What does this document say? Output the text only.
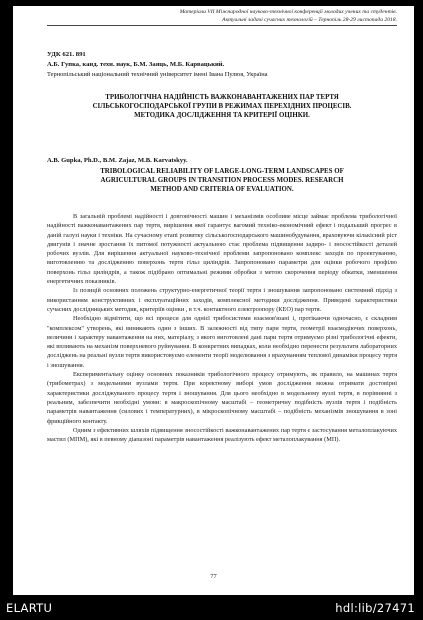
Матеріали VII Міжнародної науково-технічної конференції молодих учених та студентів.
Актуальні задачі сучасних технологій – Тернопіль 28-29 листопада 2018.
УДК 621. 891
А.Б. Гупка, канд. техн. наук, Б.М. Заяць, М.Б. Карвацький.
Тернопільський національний технічний університет імені Івана Пулюя, Україна
ТРИБОЛОГІЧНА НАДІЙНІСТЬ ВАЖКОНАВАНТАЖЕНИХ ПАР ТЕРТЯ
СІЛЬСЬКОГОСПОДАРСЬКОЇ ГРУПИ В РЕЖИМАХ ПЕРЕХІДНИХ ПРОЦЕСІВ.
МЕТОДИКА ДОСЛІДЖЕННЯ ТА КРИТЕРІЇ ОЦІНКИ.
A.B. Gupka, Ph.D., B.M. Zajaz, M.B. Karvatskyy.
TRIBOLOGICAL RELIABILITY OF LARGE-LONG-TERM LANDSCAPES OF
AGRICULTURAL GROUPS IN TRANSITION PROCESS MODES. RESEARCH
METHOD AND CRITERIA OF EVALUATION.

В загальній проблемі надійності і довговічності машин і механізмів особливе місце займає проблема трибологічної надійності важконавантажених пар тертя, вирішення якої гарантує вагомий техніко-економічний ефект і подальший прогрес в даній галузі науки і техніки. На сучасному етапі розвитку сільськогосподарського машинобудування, враховуючи кількісний ріст двигунів і значне зростання їх питомої потужності актуальною стає проблема підвищення задиро- і зносостійкості деталей робочих вузлів. Для вирішення актуальної науково-технічної проблеми запропоновано комплекс заходів по проектуванню, виготовленню та дослідженню поверхонь тертя гільз циліндрів. Запропоновано параметри для оцінки робочого профілю поверхонь гільз циліндрів, а також підібрано оптимальні режими обробки з метою скорочення періоду обкатки, зменшення енергетичних показників.

Із позицій основних положень структурно-енергетичної теорії тертя і зношування запропоновано системний підхід з використанням конструктивних і експлуатаційних заходів, комплексної методики дослідження. Приведені характеристики сучасних дослідницьких методик, критеріїв оцінки , в т.ч. контактного електроопору (КЕО) пар тертя.

Необхідно відмітити, що всі процеси для однієї трибосистеми взаємов'язані і, протікаючи одночасно, є складним "комплексом" утворень, які виникають один з інших. В залежності від типу пари тертя, геометрії взаємодіючих поверхонь, величини і характеру навантаження на них, матеріалу, з якого виготовлені дані пари тертя отримуємо різні трибологічні ефекти, які впливають на механізм поверхневого руйнування. В конкретних випадках, коли необхідно перенести результати лабораторних досліджень на реальні вузли тертя використовуємо елементи теорії моделювання з врахуванням теплової динаміки процесу тертя і зношування.

Експериментальну оцінку основних показників трибологічного процесу отримують, як правило, на машинах тертя (трибометрах) з модельними вузлами тертя. При коректному виборі умов дослідження можна отримати достовірні характеристики досліджуваного процесу тертя і зношування. Для цього необхідно в модельному вузлі тертя, в порівнянні з реальним, забезпечити необхідні умови: в макроскопічному масштабі – геометричну подібність вузлів тертя і подібність параметрів навантаження (силових і температурних), в мікроскопічному масштабі – подібність механізмів зношування в зоні фрикційного контакту.

Одним з ефективних шляхів підвищення зносостійкості важконавантажених пар тертя є застосування металоплакуючих мастил (МПМ), які в певному діапазоні параметрів навантаження реалізують ефект металоплакування (МП).

77
ELARTU	hdl:lib/27471
